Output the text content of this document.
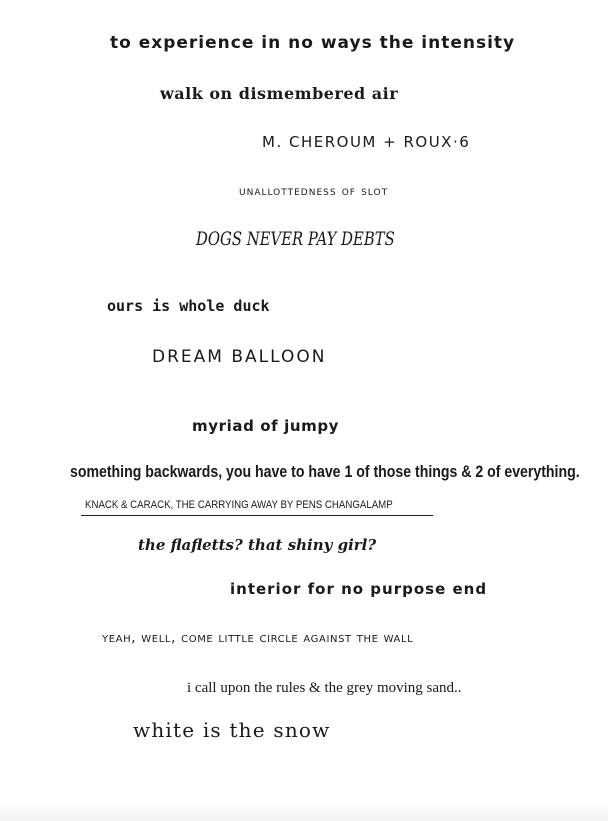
to experience in no ways the intensity
walk on dismembered air
M. CHEROUM + ROUX·6
unallottedness of slot
DOGS NEVER PAY DEBTS
ours is whole duck
DREAM BALLOON
myriad of jumpy
something backwards, you have to have 1 of those things & 2 of everything.
KNACK & CARACK, THE CARRYING AWAY BY PENS CHANGALAMP
the flafletts? that shiny girl?
interior for no purpose end
yeah, well, come little circle against the wall
i call upon the rules & the grey moving sand..
white is the snow
